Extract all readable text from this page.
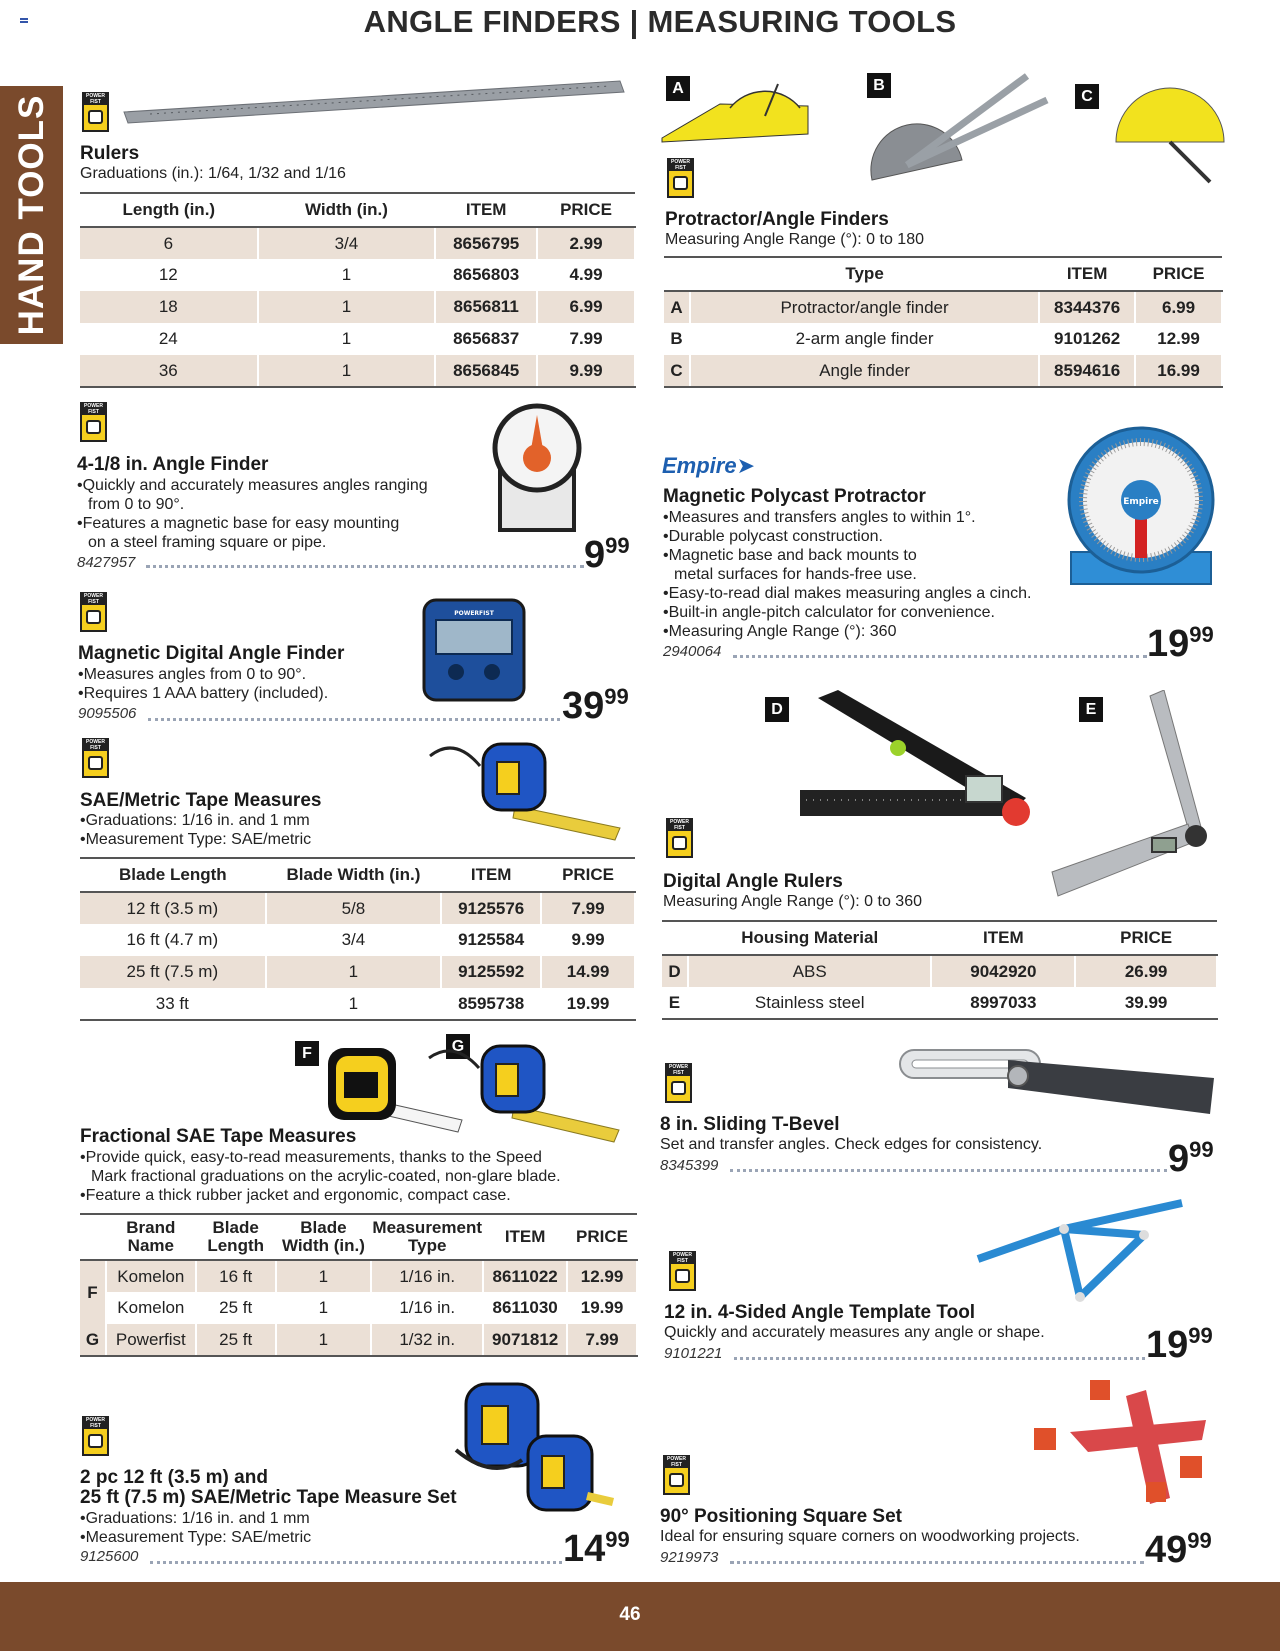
ANGLE FINDERS | MEASURING TOOLS
HAND TOOLS	POWER FIST
Rulers
Graduations (in.): 1/64, 1/32 and 1/16
Length (in.)	Width (in.)	ITEM	PRICE
6	3/4	8656795	2.99
12	1	8656803	4.99
18	1	8656811	6.99
24	1	8656837	7.99
36	1	8656845	9.99
A	B
C
POWER FIST
Protractor/Angle Finders
Measuring Angle Range (°): 0 to 180
	Type	ITEM	PRICE
A	Protractor/angle finder	8344376	6.99
B	2-arm angle finder	9101262	12.99
C	Angle finder	8594616	16.99
POWER FIST
4-1/8 in. Angle Finder
•Quickly and accurately measures angles ranging
from 0 to 90°.
•Features a magnetic base for easy mounting
on a steel framing square or pipe.
8427957	$9^{99}$
Empire➤
Empire
Magnetic Polycast Protractor
•Measures and transfers angles to within 1°.
•Durable polycast construction.
•Magnetic base and back mounts to
metal surfaces for hands-free use.
•Easy-to-read dial makes measuring angles a cinch.
•Built-in angle-pitch calculator for convenience.
•Measuring Angle Range (°): 360
2940064	$19^{99}$
POWER FIST
POWERFIST
Magnetic Digital Angle Finder
•Measures angles from 0 to 90°.
•Requires 1 AAA battery (included).
9095506	$39^{99}$
D	E
POWER FIST
Digital Angle Rulers
Measuring Angle Range (°): 0 to 360
	Housing Material	ITEM	PRICE
D	ABS	9042920	26.99
E	Stainless steel	8997033	39.99
POWER FIST
SAE/Metric Tape Measures
•Graduations: 1/16 in. and 1 mm
•Measurement Type: SAE/metric
Blade Length	Blade Width (in.)	ITEM	PRICE
12 ft (3.5 m)	5/8	9125576	7.99
16 ft (4.7 m)	3/4	9125584	9.99
25 ft (7.5 m)	1	9125592	14.99
33 ft	1	8595738	19.99
F	G
Fractional SAE Tape Measures
•Provide quick, easy-to-read measurements, thanks to the Speed
Mark fractional graduations on the acrylic-coated, non-glare blade.
•Feature a thick rubber jacket and ergonomic, compact case.
	Brand Name	Blade Length	Blade Width (in.)	Measurement Type	ITEM	PRICE
F	Komelon	16 ft	1	1/16 in.	8611022	12.99
	Komelon	25 ft	1	1/16 in.	8611030	19.99
G	Powerfist	25 ft	1	1/32 in.	9071812	7.99
POWER FIST
8 in. Sliding T-Bevel
Set and transfer angles. Check edges for consistency.
8345399	$9^{99}$
POWER FIST
12 in. 4-Sided Angle Template Tool
Quickly and accurately measures any angle or shape.
9101221	$19^{99}$
POWER FIST
2 pc 12 ft (3.5 m) and
25 ft (7.5 m) SAE/Metric Tape Measure Set
•Graduations: 1/16 in. and 1 mm
•Measurement Type: SAE/metric
9125600	$14^{99}$
POWER FIST
90° Positioning Square Set
Ideal for ensuring square corners on woodworking projects.
9219973	$49^{99}$
46
